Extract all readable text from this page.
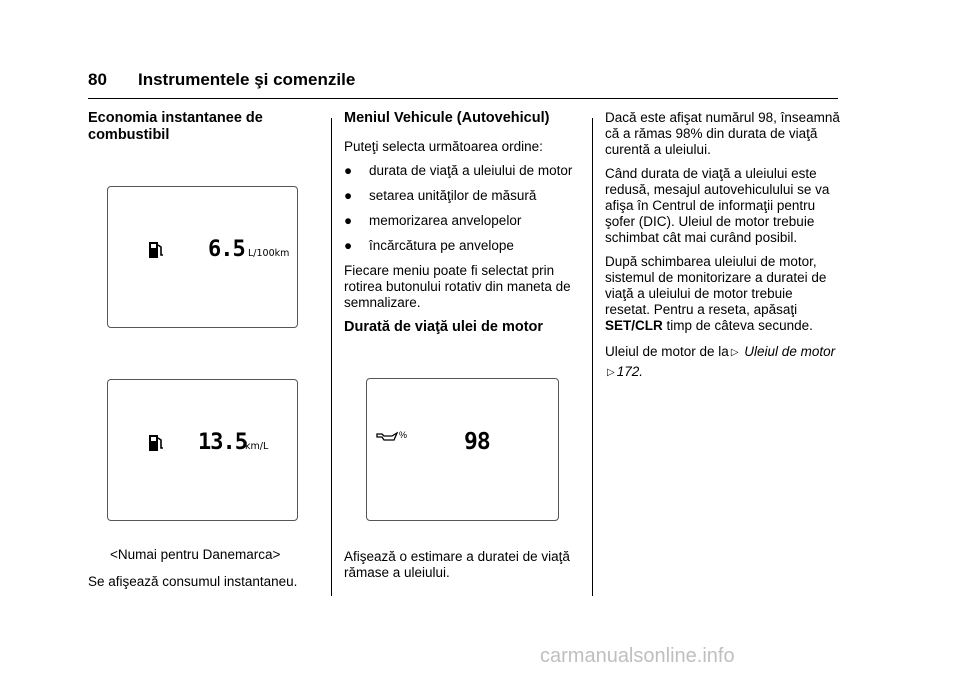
80 Instrumentele şi comenzile
Economia instantanee de
combustibil
6.5 L/100km
13.5
km/L
<Numai pentru Danemarca>
Se afişează consumul instantaneu.
Meniul Vehicule (Autovehicul)

Puteţi selecta următoarea ordine:

● durata de viaţă a uleiului de motor
● setarea unităţilor de măsură
● memorizarea anvelopelor
● încărcătura pe anvelope

Fiecare meniu poate fi selectat prin rotirea butonului rotativ din maneta de semnalizare.

Durată de viaţă ulei de motor
% 98

Afişează o estimare a duratei de viaţă rămase a uleiului.

Dacă este afişat numărul 98, înseamnă că a rămas 98% din durata de viaţă curentă a uleiului.

Când durata de viaţă a uleiului este redusă, mesajul autovehiculului se va afişa în Centrul de informaţii pentru şofer (DIC). Uleiul de motor trebuie schimbat cât mai curând posibil.

După schimbarea uleiului de motor, sistemul de monitorizare a duratei de viaţă a uleiului de motor trebuie resetat. Pentru a reseta, apăsaţi SET/CLR timp de câteva secunde.

Uleiul de motor de la ▷ Uleiul de motor ▷ 172.

carmanualsonline.info
